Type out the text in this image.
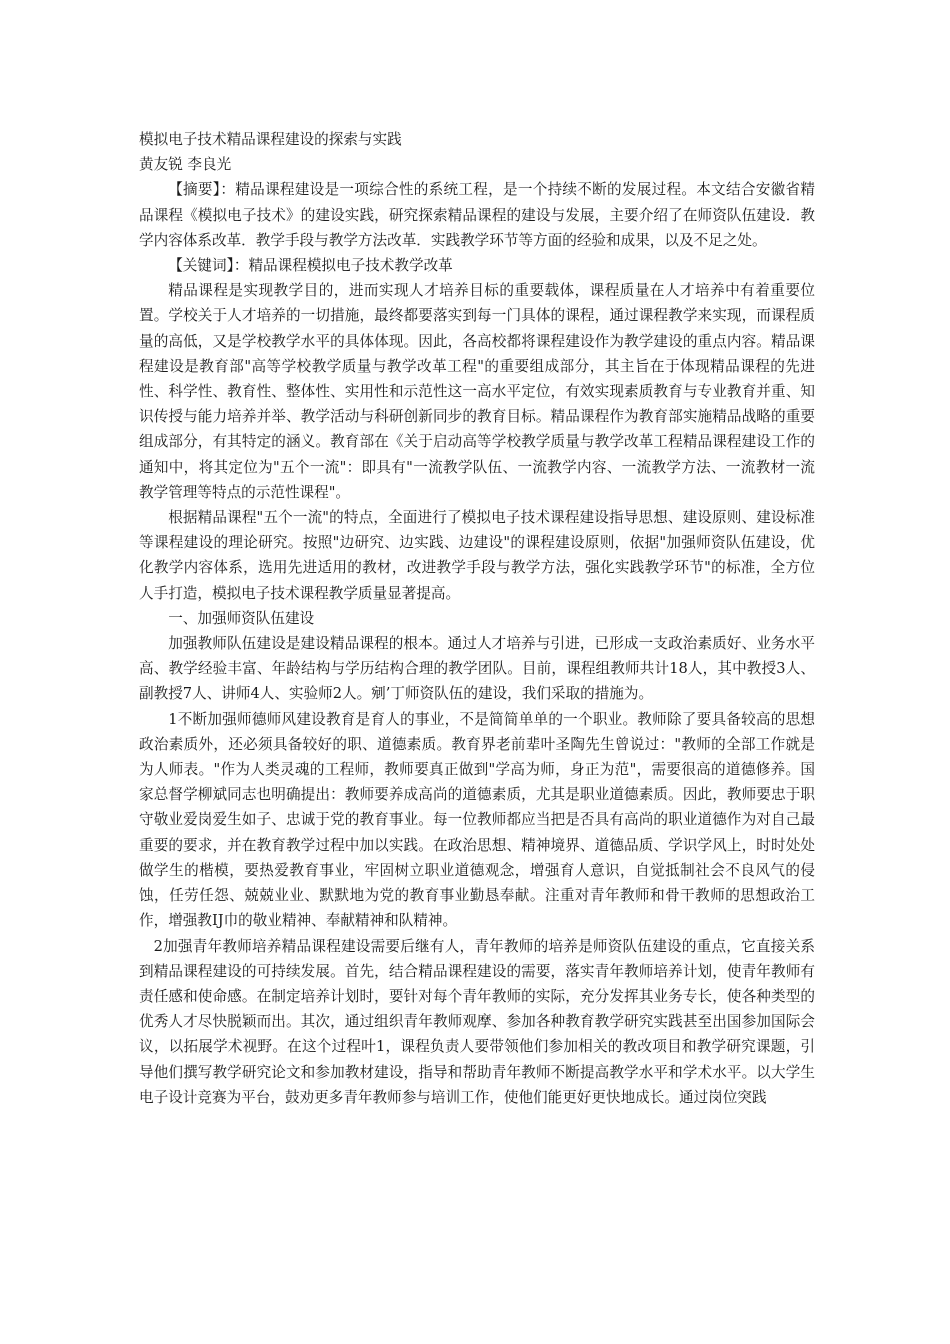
模拟电子技术精品课程建设的探索与实践

黄友锐 李良光

【摘要】：精品课程建设是一项综合性的系统工程，是一个持续不断的发展过程。本文结合安徽省精品课程《模拟电子技术》的建设实践，研究探索精品课程的建设与发展，主要介绍了在师资队伍建设．教学内容体系改革．教学手段与教学方法改革．实践教学环节等方面的经验和成果，以及不足之处。

【关键词】：精品课程模拟电子技术教学改革

精品课程是实现教学目的，进而实现人才培养目标的重要载体，课程质量在人才培养中有着重要位置。学校关于人才培养的一切措施，最终都要落实到每一门具体的课程，通过课程教学来实现，而课程质量的高低，又是学校教学水平的具体体现。因此，各高校都将课程建设作为教学建设的重点内容。精品课程建设是教育部"高等学校教学质量与教学改革工程"的重要组成部分，其主旨在于体现精品课程的先进性、科学性、教育性、整体性、实用性和示范性这一高水平定位，有效实现素质教育与专业教育并重、知识传授与能力培养并举、教学活动与科研创新同步的教育目标。精品课程作为教育部实施精品战略的重要组成部分，有其特定的涵义。教育部在《关于启动高等学校教学质量与教学改革工程精品课程建设工作的通知中，将其定位为"五个一流"：即具有"一流教学队伍、一流教学内容、一流教学方法、一流教材一流教学管理等特点的示范性课程"。

根据精品课程"五个一流"的特点，全面进行了模拟电子技术课程建设指导思想、建设原则、建设标准等课程建设的理论研究。按照"边研究、边实践、边建设"的课程建设原则，依据"加强师资队伍建设，优化教学内容体系，选用先进适用的教材，改进教学手段与教学方法，强化实践教学环节"的标准，全方位人手打造，模拟电子技术课程教学质量显著提高。

一、加强师资队伍建设

加强教师队伍建设是建设精品课程的根本。通过人才培养与引进，已形成一支政治素质好、业务水平高、教学经验丰富、年龄结构与学历结构合理的教学团队。目前，课程组教师共计18人，其中教授3人、副教授7人、讲师4人、实验师2人。剜’丁师资队伍的建设，我们采取的措施为。

1不断加强师德师风建设教育是育人的事业，不是简简单单的一个职业。教师除了要具备较高的思想政治素质外，还必须具备较好的职、道德素质。教育界老前辈叶圣陶先生曾说过："教师的全部工作就是为人师表。"作为人类灵魂的工程师，教师要真正做到"学高为师，身正为范"，需要很高的道德修养。国家总督学柳斌同志也明确提出：教师要养成高尚的道德素质，尤其是职业道德素质。因此，教师要忠于职守敬业爱岗爱生如子、忠诚于党的教育事业。每一位教师都应当把是否具有高尚的职业道德作为对自己最重要的要求，并在教育教学过程中加以实践。在政治思想、精神境界、道德品质、学识学风上，时时处处做学生的楷模，要热爱教育事业，牢固树立职业道德观念，增强育人意识，自觉抵制社会不良风气的侵蚀，任劳任怨、兢兢业业、默默地为党的教育事业勤恳奉献。注重对青年教师和骨干教师的思想政治工作，增强教IJ巾的敬业精神、奉献精神和队精神。

2加强青年教师培养精品课程建设需要后继有人，青年教师的培养是师资队伍建设的重点，它直接关系到精品课程建设的可持续发展。首先，结合精品课程建设的需要，落实青年教师培养计划，使青年教师有责任感和使命感。在制定培养计划时，要针对每个青年教师的实际，充分发挥其业务专长，使各种类型的优秀人才尽快脱颖而出。其次，通过组织青年教师观摩、参加各种教育教学研究实践甚至出国参加国际会议，以拓展学术视野。在这个过程叶1，课程负责人要带领他们参加相关的教改项目和教学研究课题，引导他们撰写教学研究论文和参加教材建设，指导和帮助青年教师不断提高教学水平和学术水平。以大学生电子设计竞赛为平台，鼓劝更多青年教师参与培训工作，使他们能更好更快地成长。通过岗位突践
